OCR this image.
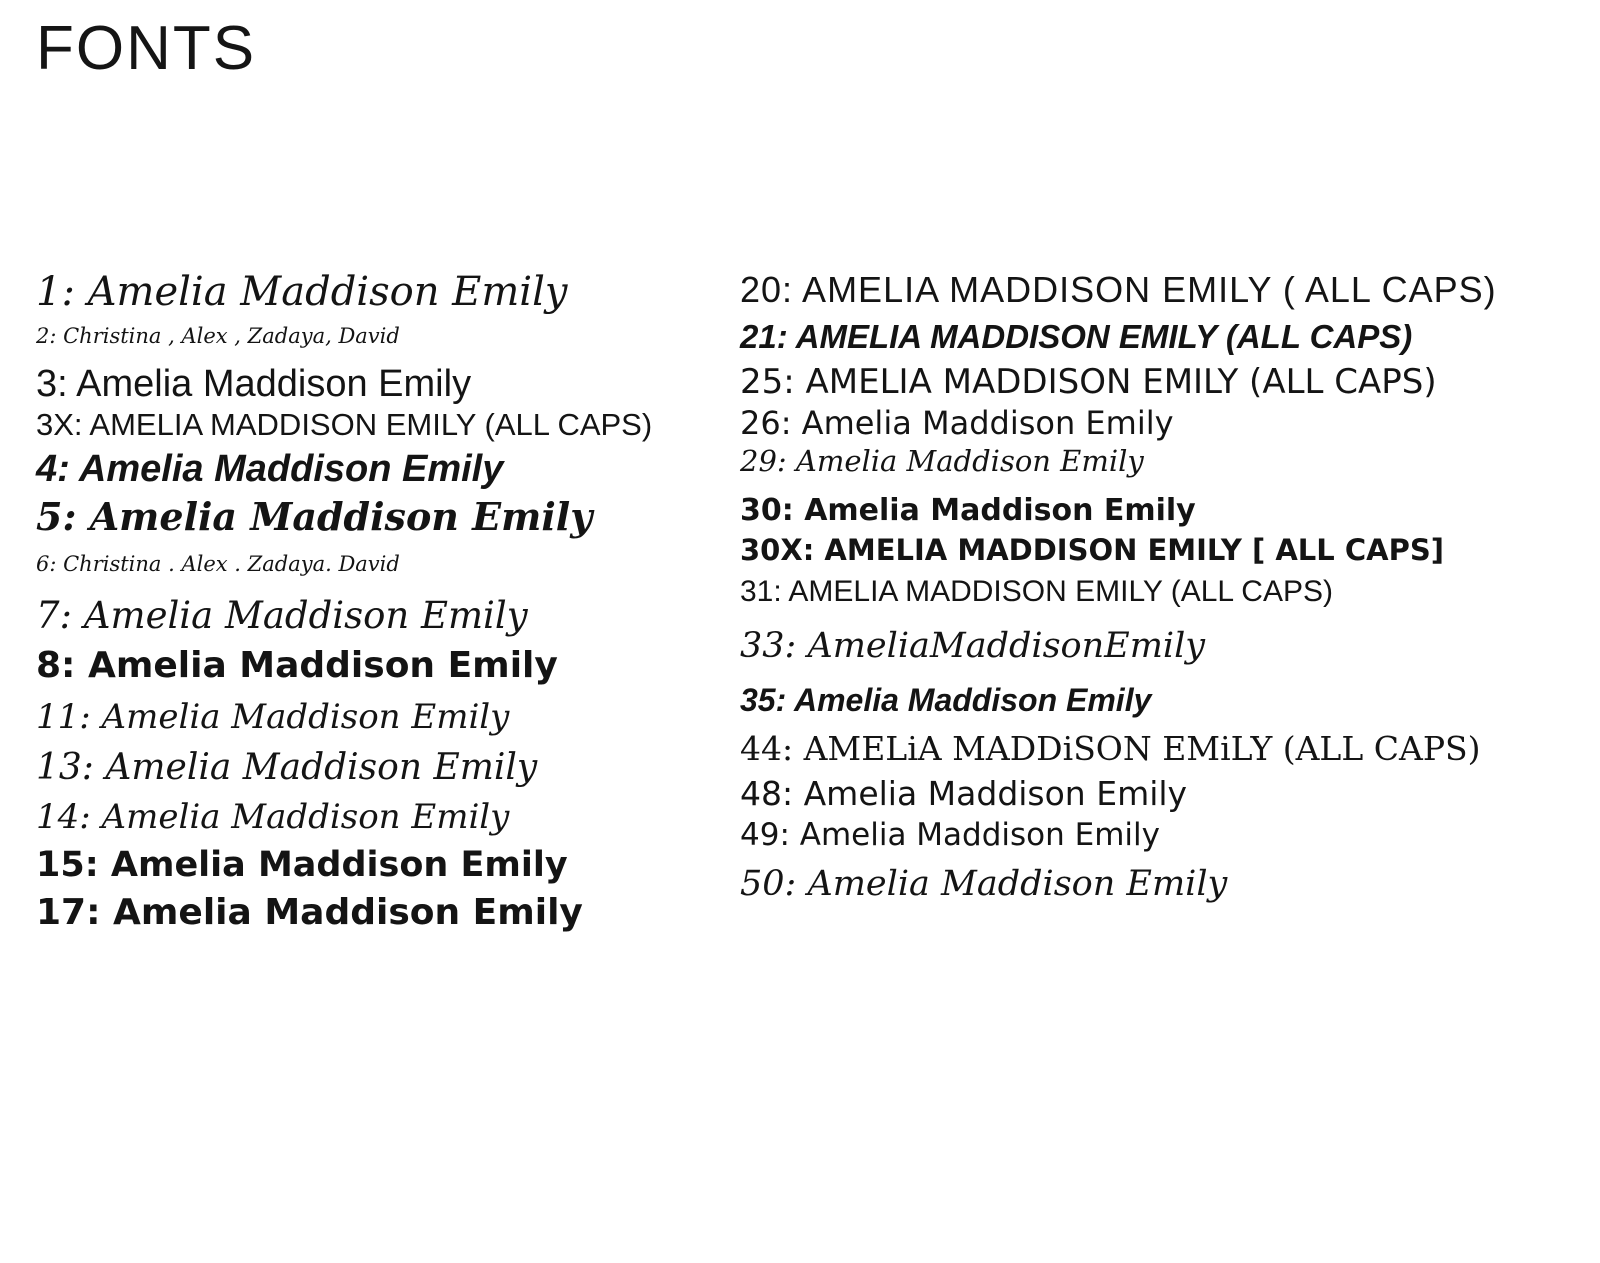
FONTS
1: Amelia Maddison Emily
2: Christina , Alex , Zadaya, David
3: Amelia Maddison Emily
3X: AMELIA MADDISON EMILY (ALL CAPS)
4: Amelia Maddison Emily
5: Amelia Maddison Emily
6: Christina . Alex . Zadaya. David
7: Amelia Maddison Emily
8: Amelia Maddison Emily
11: Amelia Maddison Emily
13: Amelia Maddison Emily
14: Amelia Maddison Emily
15: Amelia Maddison Emily
17: Amelia Maddison Emily
20: AMELIA MADDISON EMILY ( ALL CAPS)
21: AMELIA MADDISON EMILY (ALL CAPS)
25: AMELIA MADDISON EMILY (ALL CAPS)
26: Amelia Maddison Emily
29: Amelia Maddison Emily
30: Amelia Maddison Emily
30X: AMELIA MADDISON EMILY [ ALL CAPS]
31: AMELIA MADDISON EMILY (ALL CAPS)
33: AmeliaMaddisonEmily
35: Amelia Maddison Emily
44: AMELiA MADDiSON EMiLY (ALL CAPS)
48: Amelia Maddison Emily
49: Amelia Maddison Emily
50: Amelia Maddison Emily
